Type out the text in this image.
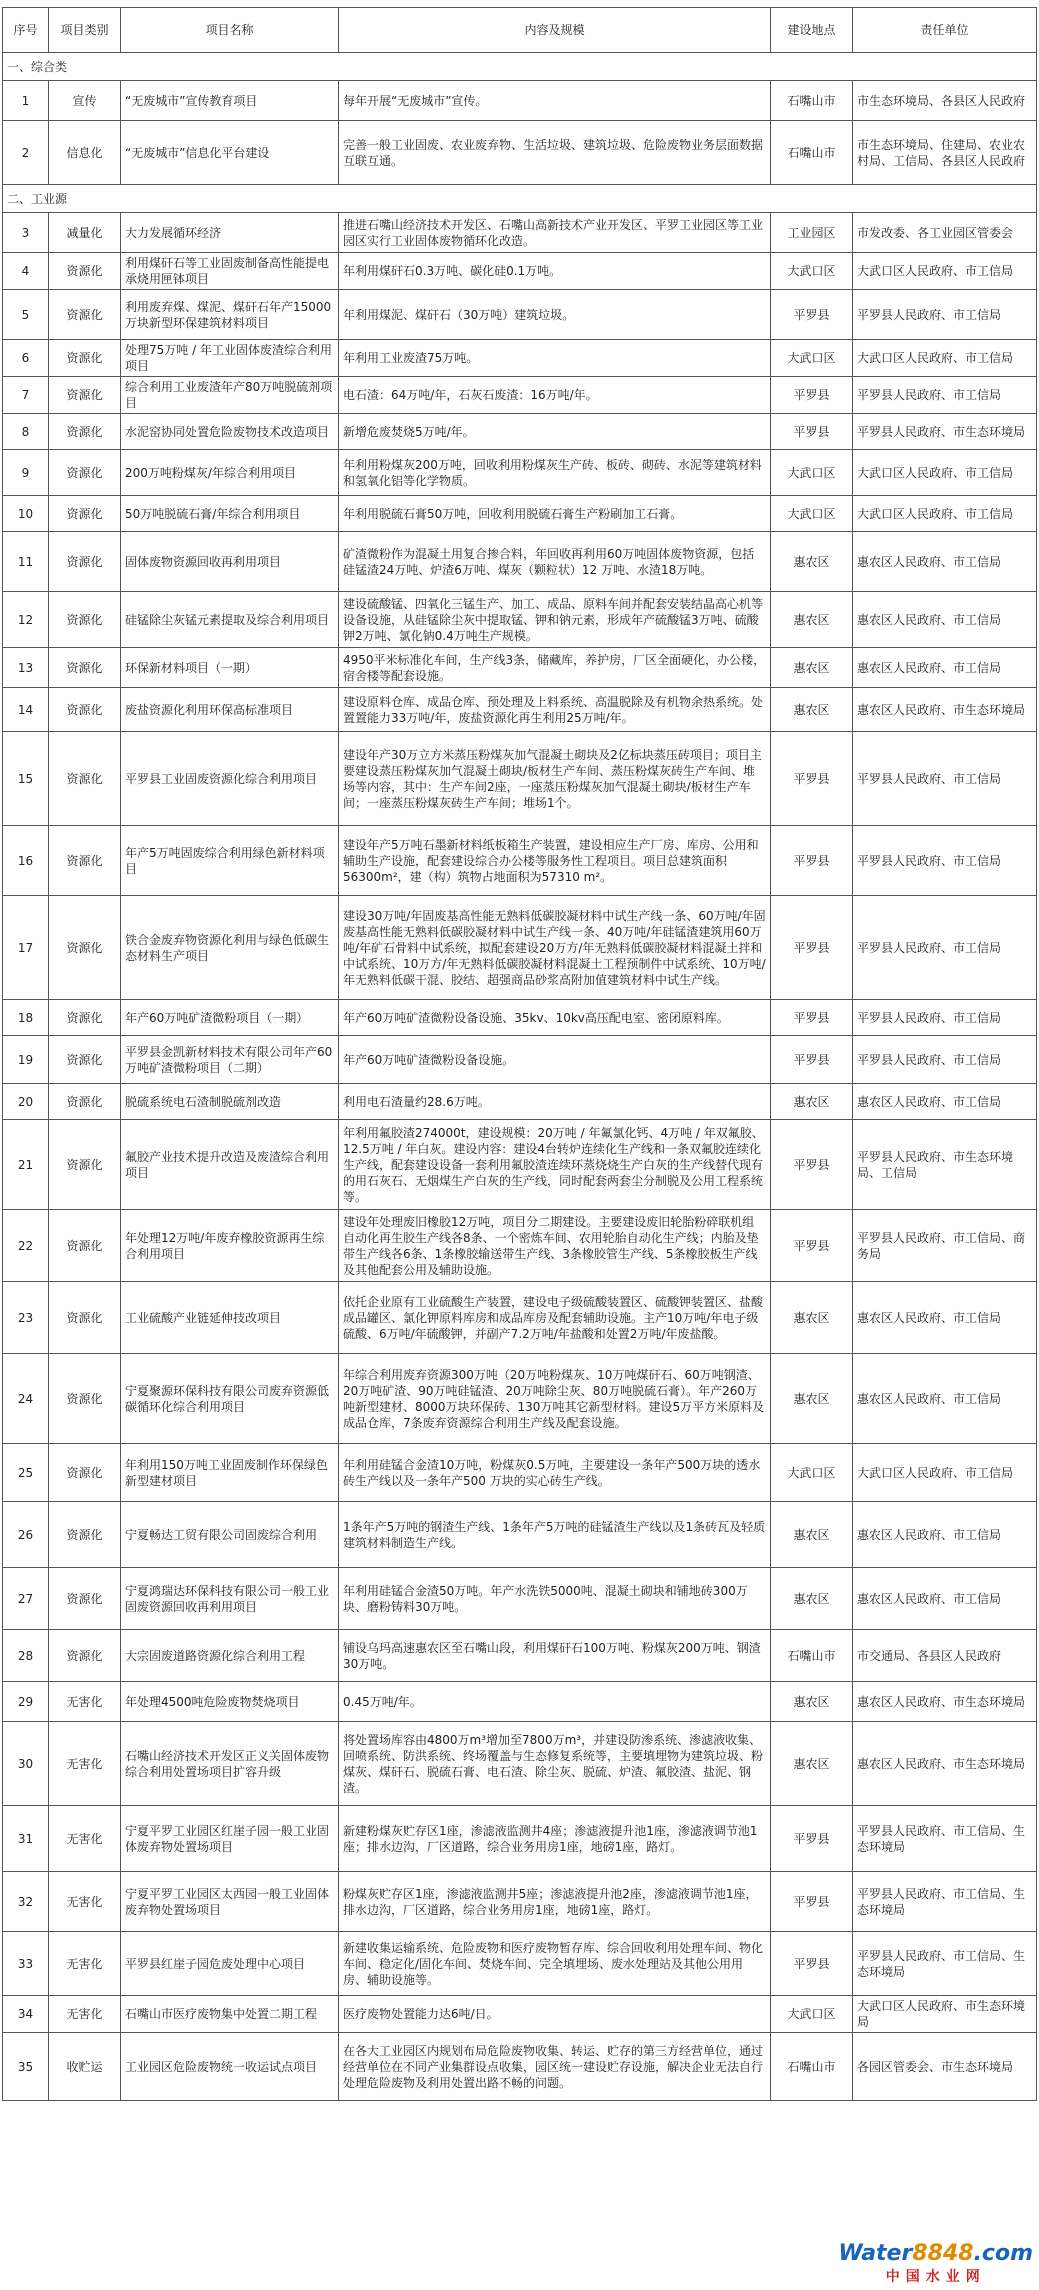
序号	项目类别	项目名称	内容及规模	建设地点	责任单位
一、综合类					
1	宣传	“无废城市”宣传教育项目	每年开展“无废城市”宣传。	石嘴山市	市生态环境局、各县区人民政府
2	信息化	“无废城市”信息化平台建设	完善一般工业固废、农业废弃物、生活垃圾、建筑垃圾、危险废物业务层面数据互联互通。	石嘴山市	市生态环境局、住建局、农业农村局、工信局、各县区人民政府
二、工业源					
3	减量化	大力发展循环经济	推进石嘴山经济技术开发区、石嘴山高新技术产业开发区、平罗工业园区等工业园区实行工业固体废物循环化改造。	工业园区	市发改委、各工业园区管委会
4	资源化	利用煤矸石等工业固废制备高性能提电承烧用匣钵项目	年利用煤矸石0.3万吨、碳化硅0.1万吨。	大武口区	大武口区人民政府、市工信局
5	资源化	利用废弃煤、煤泥、煤矸石年产15000万块新型环保建筑材料项目	年利用煤泥、煤矸石（30万吨）建筑垃圾。	平罗县	平罗县人民政府、市工信局
6	资源化	处理75万吨 / 年工业固体废渣综合利用项目	年利用工业废渣75万吨。	大武口区	大武口区人民政府、市工信局
7	资源化	综合利用工业废渣年产80万吨脱硫剂项目	电石渣：64万吨/年，石灰石废渣：16万吨/年。	平罗县	平罗县人民政府、市工信局
8	资源化	水泥窑协同处置危险废物技术改造项目	新增危废焚烧5万吨/年。	平罗县	平罗县人民政府、市生态环境局
9	资源化	200万吨粉煤灰/年综合利用项目	年利用粉煤灰200万吨，回收利用粉煤灰生产砖、板砖、砌砖、水泥等建筑材料和氢氧化铝等化学物质。	大武口区	大武口区人民政府、市工信局
10	资源化	50万吨脱硫石膏/年综合利用项目	年利用脱硫石膏50万吨，回收利用脱硫石膏生产粉刷加工石膏。	大武口区	大武口区人民政府、市工信局
11	资源化	固体废物资源回收再利用项目	矿渣微粉作为混凝土用复合掺合料，年回收再利用60万吨固体废物资源，包括硅锰渣24万吨、炉渣6万吨、煤灰（颗粒状）12 万吨、水渣18万吨。	惠农区	惠农区人民政府、市工信局
12	资源化	硅锰除尘灰锰元素提取及综合利用项目	建设硫酸锰、四氧化三锰生产、加工、成品、原料车间并配套安装结晶高心机等设备设施，从硅锰除尘灰中提取锰、钾和钠元素，形成年产硫酸锰3万吨、硫酸钾2万吨、氯化钠0.4万吨生产规模。	惠农区	惠农区人民政府、市工信局
13	资源化	环保新材料项目（一期）	4950平米标准化车间，生产线3条，储藏库，养护房，厂区全面硬化，办公楼，宿舍楼等配套设施。	惠农区	惠农区人民政府、市工信局
14	资源化	废盐资源化利用环保高标准项目	建设原料仓库、成品仓库、预处理及上料系统、高温脱除及有机物余热系统。处置置能力33万吨/年，废盐资源化再生利用25万吨/年。	惠农区	惠农区人民政府、市生态环境局
15	资源化	平罗县工业固废资源化综合利用项目	建设年产30万立方米蒸压粉煤灰加气混凝土砌块及2亿标块蒸压砖项目；项目主要建设蒸压粉煤灰加气混凝土砌块/板材生产车间、蒸压粉煤灰砖生产车间、堆场等内容，其中：生产车间2座，一座蒸压粉煤灰加气混凝土砌块/板材生产车间；一座蒸压粉煤灰砖生产车间；堆场1个。	平罗县	平罗县人民政府、市工信局
16	资源化	年产5万吨固废综合利用绿色新材料项目	建设年产5万吨石墨新材料纸板箱生产装置，建设相应生产厂房、库房、公用和辅助生产设施，配套建设综合办公楼等服务性工程项目。项目总建筑面积56300m²，建（构）筑物占地面积为57310 m²。	平罗县	平罗县人民政府、市工信局
17	资源化	铁合金废弃物资源化利用与绿色低碳生态材料生产项目	建设30万吨/年固废基高性能无熟料低碳胶凝材料中试生产线一条、60万吨/年固废基高性能无熟料低碳胶凝材料中试生产线一条、40万吨/年硅锰渣建筑用60万吨/年矿石骨料中试系统，拟配套建设20万方/年无熟料低碳胶凝材料混凝土拌和中试系统、10万方/年无熟料低碳胶凝材料混凝土工程预制件中试系统、10万吨/年无熟料低碳干混、胶结、超强商品砂浆高附加值建筑材料中试生产线。	平罗县	平罗县人民政府、市工信局
18	资源化	年产60万吨矿渣微粉项目（一期）	年产60万吨矿渣微粉设备设施、35kv、10kv高压配电室、密闭原料库。	平罗县	平罗县人民政府、市工信局
19	资源化	平罗县金凯新材料技术有限公司年产60万吨矿渣微粉项目（二期）	年产60万吨矿渣微粉设备设施。	平罗县	平罗县人民政府、市工信局
20	资源化	脱硫系统电石渣制脱硫剂改造	利用电石渣量约28.6万吨。	惠农区	惠农区人民政府、市工信局
21	资源化	氟胶产业技术提升改造及废渣综合利用项目	年利用氟胶渣274000t，建设规模：20万吨 / 年氟氯化钙、4万吨 / 年双氟胶、12.5万吨 / 年白灰。建设内容：建设4台转炉连续化生产线和一条双氟胶连续化生产线，配套建设设备一套利用氟胶渣连续环蒸烧烧生产白灰的生产线替代现有的用石灰石、无烟煤生产白灰的生产线，同时配套两套尘分制脱及公用工程系统等。	平罗县	平罗县人民政府、市生态环境局、工信局
22	资源化	年处理12万吨/年废弃橡胶资源再生综合利用项目	建设年处理废旧橡胶12万吨，项目分二期建设。主要建设废旧轮胎粉碎联机组自动化再生胶生产线各8条、一个密炼车间、农用轮胎自动化生产线；内胎及垫带生产线各6条、1条橡胶输送带生产线、3条橡胶管生产线、5条橡胶板生产线及其他配套公用及辅助设施。	平罗县	平罗县人民政府、市工信局、商务局
23	资源化	工业硫酸产业链延伸技改项目	依托企业原有工业硫酸生产装置，建设电子级硫酸装置区、硫酸钾装置区、盐酸成品罐区、氯化钾原料库房和成品库房及配套辅助设施。主产10万吨/年电子级硫酸、6万吨/年硫酸钾，并副产7.2万吨/年盐酸和处置2万吨/年废盐酸。	惠农区	惠农区人民政府、市工信局
24	资源化	宁夏聚源环保科技有限公司废弃资源低碳循环化综合利用项目	年综合利用废弃资源300万吨（20万吨粉煤灰、10万吨煤矸石、60万吨钢渣、20万吨矿渣、90万吨硅锰渣、20万吨除尘灰、80万吨脱硫石膏）。年产260万吨新型建材、8000万块环保砖、130万吨其它新型材料。建设5万平方米原料及成品仓库，7条废弃资源综合利用生产线及配套设施。	惠农区	惠农区人民政府、市工信局
25	资源化	年利用150万吨工业固废制作环保绿色新型建材项目	年利用硅锰合金渣10万吨，粉煤灰0.5万吨，主要建设一条年产500万块的透水砖生产线以及一条年产500 万块的实心砖生产线。	大武口区	大武口区人民政府、市工信局
26	资源化	宁夏畅达工贸有限公司固废综合利用	1条年产5万吨的钢渣生产线、1条年产5万吨的硅锰渣生产线以及1条砖瓦及轻质建筑材料制造生产线。	惠农区	惠农区人民政府、市工信局
27	资源化	宁夏鸿瑞达环保科技有限公司一般工业固废资源回收再利用项目	年利用硅锰合金渣50万吨。年产水洗铁5000吨、混凝土砌块和铺地砖300万块、磨粉铸料30万吨。	惠农区	惠农区人民政府、市工信局
28	资源化	大宗固废道路资源化综合利用工程	铺设乌玛高速惠农区至石嘴山段，利用煤矸石100万吨、粉煤灰200万吨、钢渣30万吨。	石嘴山市	市交通局、各县区人民政府
29	无害化	年处理4500吨危险废物焚烧项目	0.45万吨/年。	惠农区	惠农区人民政府、市生态环境局
30	无害化	石嘴山经济技术开发区正义关固体废物综合利用处置场项目扩容升级	将处置场库容由4800万m³增加至7800万m³，并建设防渗系统、渗滤液收集、回喷系统、防洪系统、终场覆盖与生态修复系统等，主要填埋物为建筑垃圾、粉煤灰、煤矸石、脱硫石膏、电石渣、除尘灰、脱硫、炉渣、氟胶渣、盐泥、钢渣。	惠农区	惠农区人民政府、市生态环境局
31	无害化	宁夏平罗工业园区红崖子园一般工业固体废弃物处置场项目	新建粉煤灰贮存区1座，渗滤液监测井4座；渗滤液提升池1座，渗滤液调节池1座；排水边沟，厂区道路，综合业务用房1座，地磅1座，路灯。	平罗县	平罗县人民政府、市工信局、生态环境局
32	无害化	宁夏平罗工业园区太西园一般工业固体废弃物处置场项目	粉煤灰贮存区1座，渗滤液监测井5座；渗滤液提升池2座，渗滤液调节池1座，排水边沟，厂区道路，综合业务用房1座，地磅1座，路灯。	平罗县	平罗县人民政府、市工信局、生态环境局
33	无害化	平罗县红崖子园危废处理中心项目	新建收集运输系统、危险废物和医疗废物暂存库、综合回收利用处理车间、物化车间、稳定化/固化车间、焚烧车间、完全填埋场、废水处理站及其他公用用房、辅助设施等。	平罗县	平罗县人民政府、市工信局、生态环境局
34	无害化	石嘴山市医疗废物集中处置二期工程	医疗废物处置能力达6吨/日。	大武口区	大武口区人民政府、市生态环境局
35	收贮运	工业园区危险废物统一收运试点项目	在各大工业园区内规划布局危险废物收集、转运、贮存的第三方经营单位，通过经营单位在不同产业集群设点收集，园区统一建设贮存设施，解决企业无法自行处理危险废物及利用处置出路不畅的问题。	石嘴山市	各园区管委会、市生态环境局
Water8848.com
中国水业网
